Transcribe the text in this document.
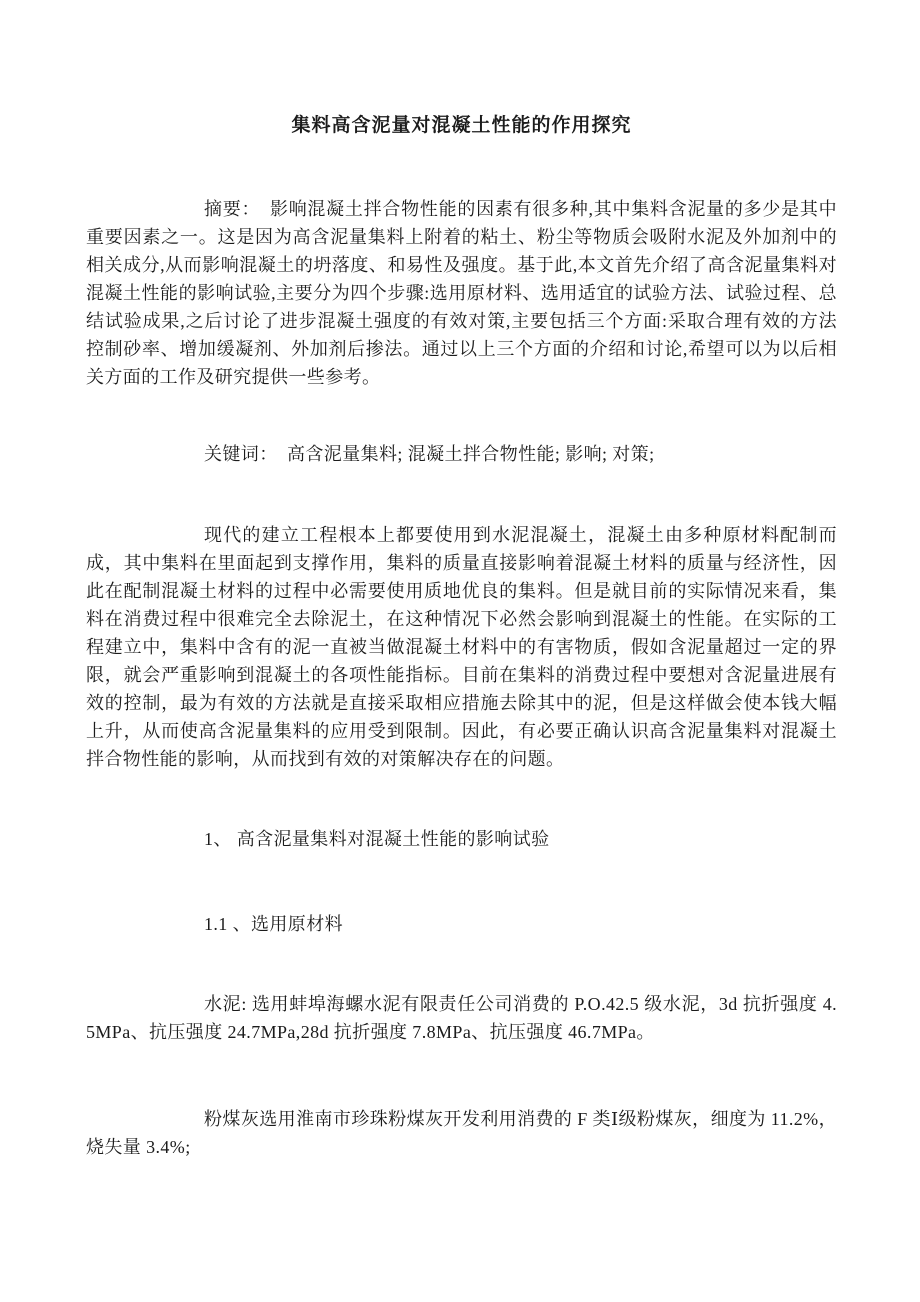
集料高含泥量对混凝土性能的作用探究

摘要：　影响混凝土拌合物性能的因素有很多种,其中集料含泥量的多少是其中重要因素之一。这是因为高含泥量集料上附着的粘土、粉尘等物质会吸附水泥及外加剂中的相关成分,从而影响混凝土的坍落度、和易性及强度。基于此,本文首先介绍了高含泥量集料对混凝土性能的影响试验,主要分为四个步骤:选用原材料、选用适宜的试验方法、试验过程、总结试验成果,之后讨论了进步混凝土强度的有效对策,主要包括三个方面:采取合理有效的方法控制砂率、增加缓凝剂、外加剂后掺法。通过以上三个方面的介绍和讨论,希望可以为以后相关方面的工作及研究提供一些参考。

关键词：　高含泥量集料; 混凝土拌合物性能; 影响; 对策;

现代的建立工程根本上都要使用到水泥混凝土，混凝土由多种原材料配制而成，其中集料在里面起到支撑作用，集料的质量直接影响着混凝土材料的质量与经济性，因此在配制混凝土材料的过程中必需要使用质地优良的集料。但是就目前的实际情况来看，集料在消费过程中很难完全去除泥土，在这种情况下必然会影响到混凝土的性能。在实际的工程建立中，集料中含有的泥一直被当做混凝土材料中的有害物质，假如含泥量超过一定的界限，就会严重影响到混凝土的各项性能指标。目前在集料的消费过程中要想对含泥量进展有效的控制，最为有效的方法就是直接采取相应措施去除其中的泥，但是这样做会使本钱大幅上升，从而使高含泥量集料的应用受到限制。因此，有必要正确认识高含泥量集料对混凝土拌合物性能的影响，从而找到有效的对策解决存在的问题。

1、 高含泥量集料对混凝土性能的影响试验

1.1 、选用原材料

水泥: 选用蚌埠海螺水泥有限责任公司消费的 P.O.42.5 级水泥，3d 抗折强度 4.5MPa、抗压强度 24.7MPa,28d 抗折强度 7.8MPa、抗压强度 46.7MPa。

粉煤灰选用淮南市珍珠粉煤灰开发利用消费的 F 类Ⅰ级粉煤灰，细度为 11.2%，烧失量 3.4%;
